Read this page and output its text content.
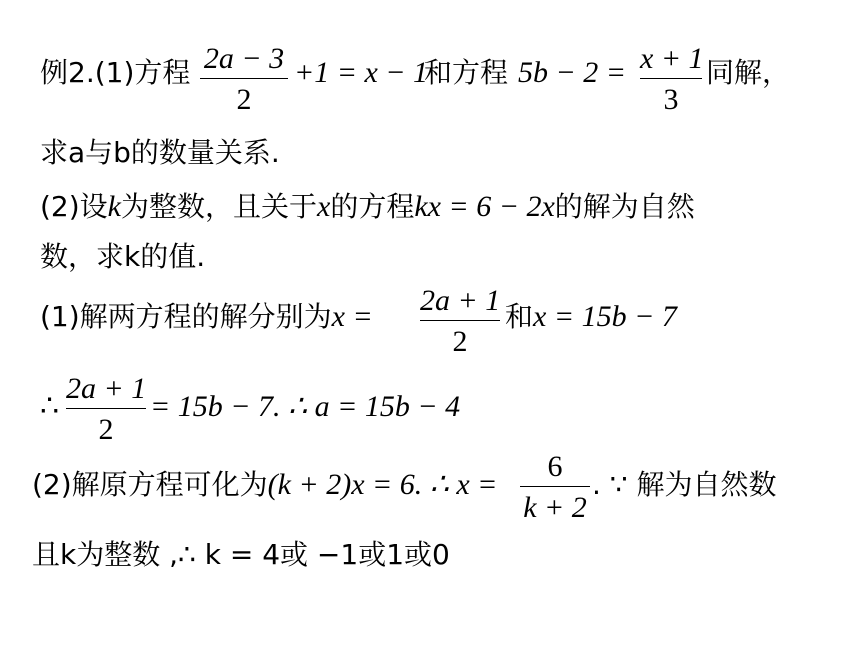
例2.(1)方程 2a − 3
2
+1 = x − 1
和方程 5b − 2 = x + 1
3
同解，
求a与b的数量关系.
(2)设k为整数，且关于x的方程kx = 6 − 2x的解为自然
数，求k的值.
(1)解两方程的解分别为x = 2a + 1
2
和x = 15b − 7
∴
2a + 1
2
= 15b − 7. ∴ a = 15b − 4
(2)解原方程可化为(k + 2)x = 6. ∴ x =
6
k + 2
. ∵ 解为自然数
且k为整数 ,∴ k = 4或 −1或1或0
